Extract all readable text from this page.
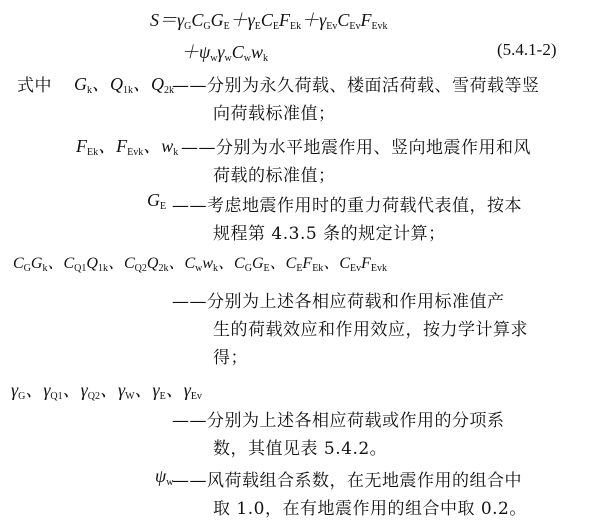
$S=\gamma_GC_GG_E+\gamma_EC_EF_{Ek}+\gamma_{Ev}C_{Ev}F_{Evk}$
$+\psi_w\gamma_wC_ww_k$	(5.4.1-2)
式中 $G_k$、$Q_{1k}$、$Q_{2k}$
——分别为永久荷载、楼面活荷载、雪荷载等竖
向荷载标准值；
$F_{Ek}$、$F_{Evk}$、$w_k$ ——分别为水平地震作用、竖向地震作用和风
荷载的标准值；
$G_E$ ——考虑地震作用时的重力荷载代表值，按本
规程第 4.3.5 条的规定计算；
$C_GG_k$、$C_{Q1}Q_{1k}$、$C_{Q2}Q_{2k}$、$C_ww_k$、$C_GG_E$、$C_EF_{Ek}$、$C_{Ev}F_{Evk}$
——分别为上述各相应荷载和作用标准值产
生的荷载效应和作用效应，按力学计算求
得；
$\gamma_G$、$\gamma_{Q1}$、$\gamma_{Q2}$、$\gamma_W$、$\gamma_E$、$\gamma_{Ev}$
——分别为上述各相应荷载或作用的分项系
数，其值见表 5.4.2。
$\psi_w$
——风荷载组合系数，在无地震作用的组合中
取 1.0，在有地震作用的组合中取 0.2。
